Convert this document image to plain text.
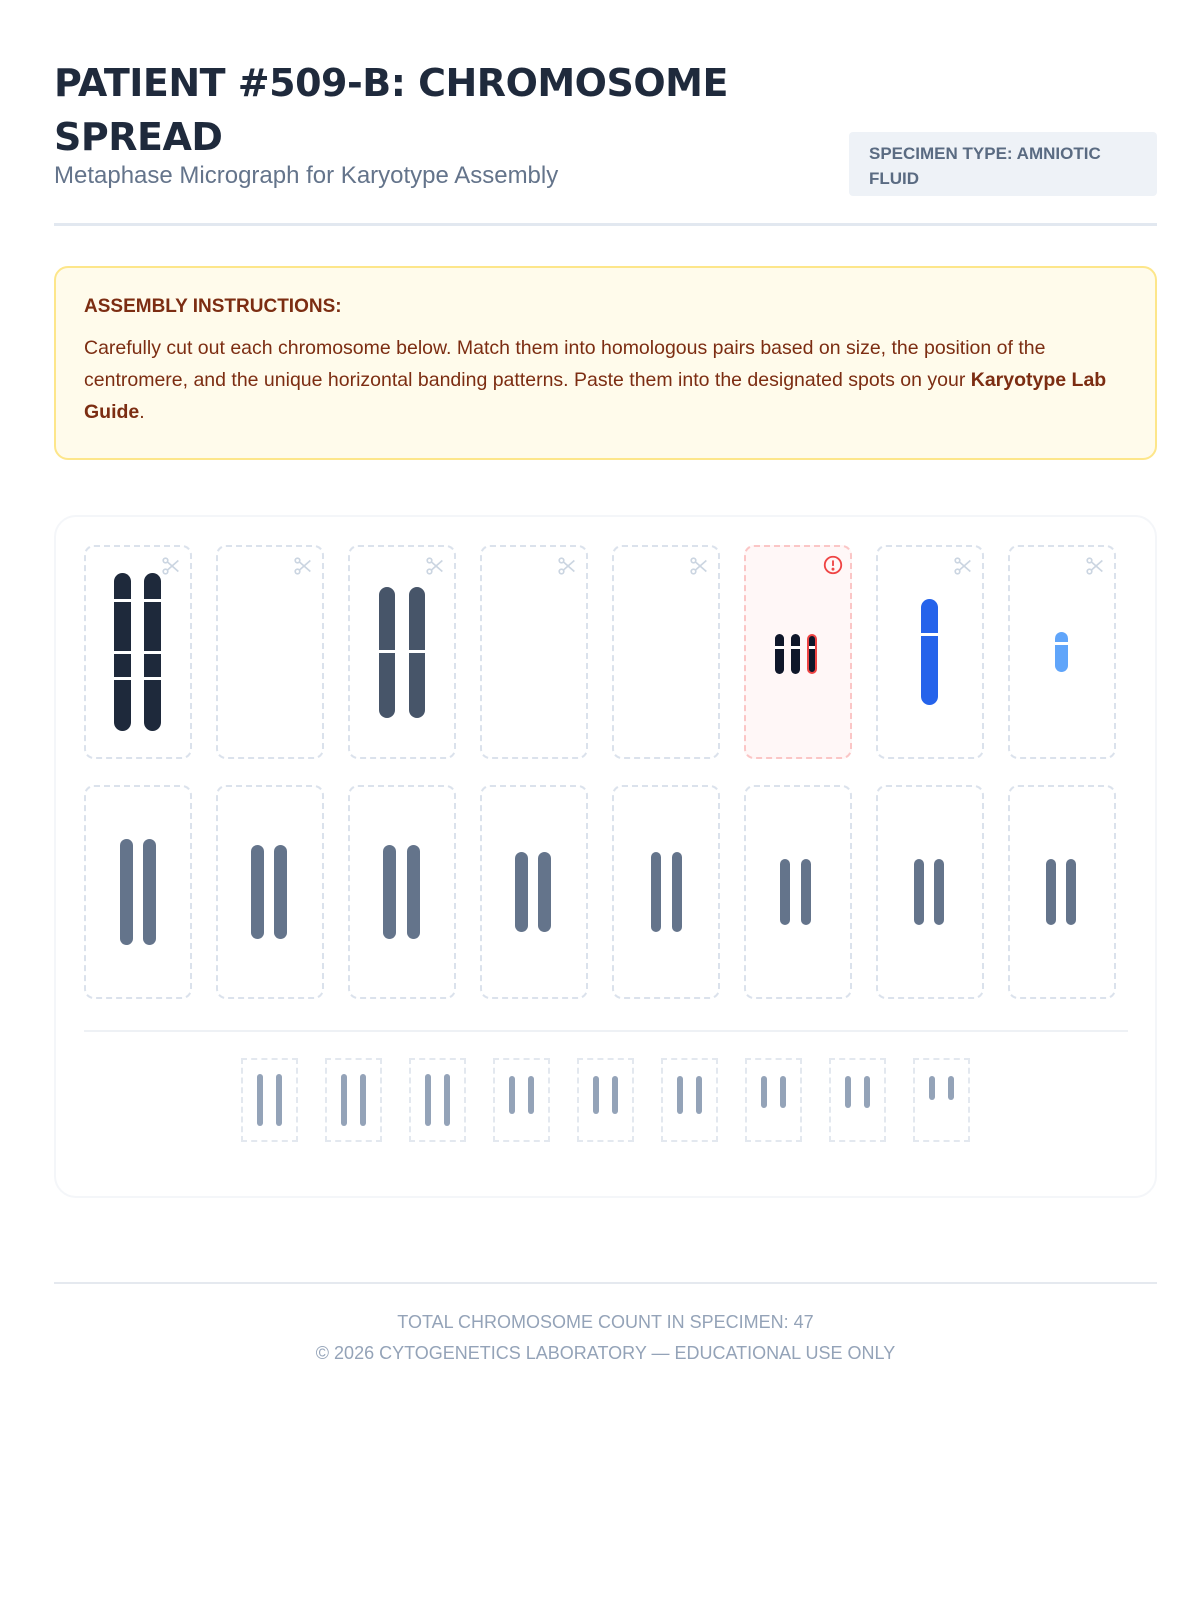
PATIENT #509-B: CHROMOSOME SPREAD
Metaphase Micrograph for Karyotype Assembly
SPECIMEN TYPE: AMNIOTIC FLUID
ASSEMBLY INSTRUCTIONS:
Carefully cut out each chromosome below. Match them into homologous pairs based on size, the position of the centromere, and the unique horizontal banding patterns. Paste them into the designated spots on your Karyotype Lab Guide.
TOTAL CHROMOSOME COUNT IN SPECIMEN: 47
© 2026 CYTOGENETICS LABORATORY — EDUCATIONAL USE ONLY
